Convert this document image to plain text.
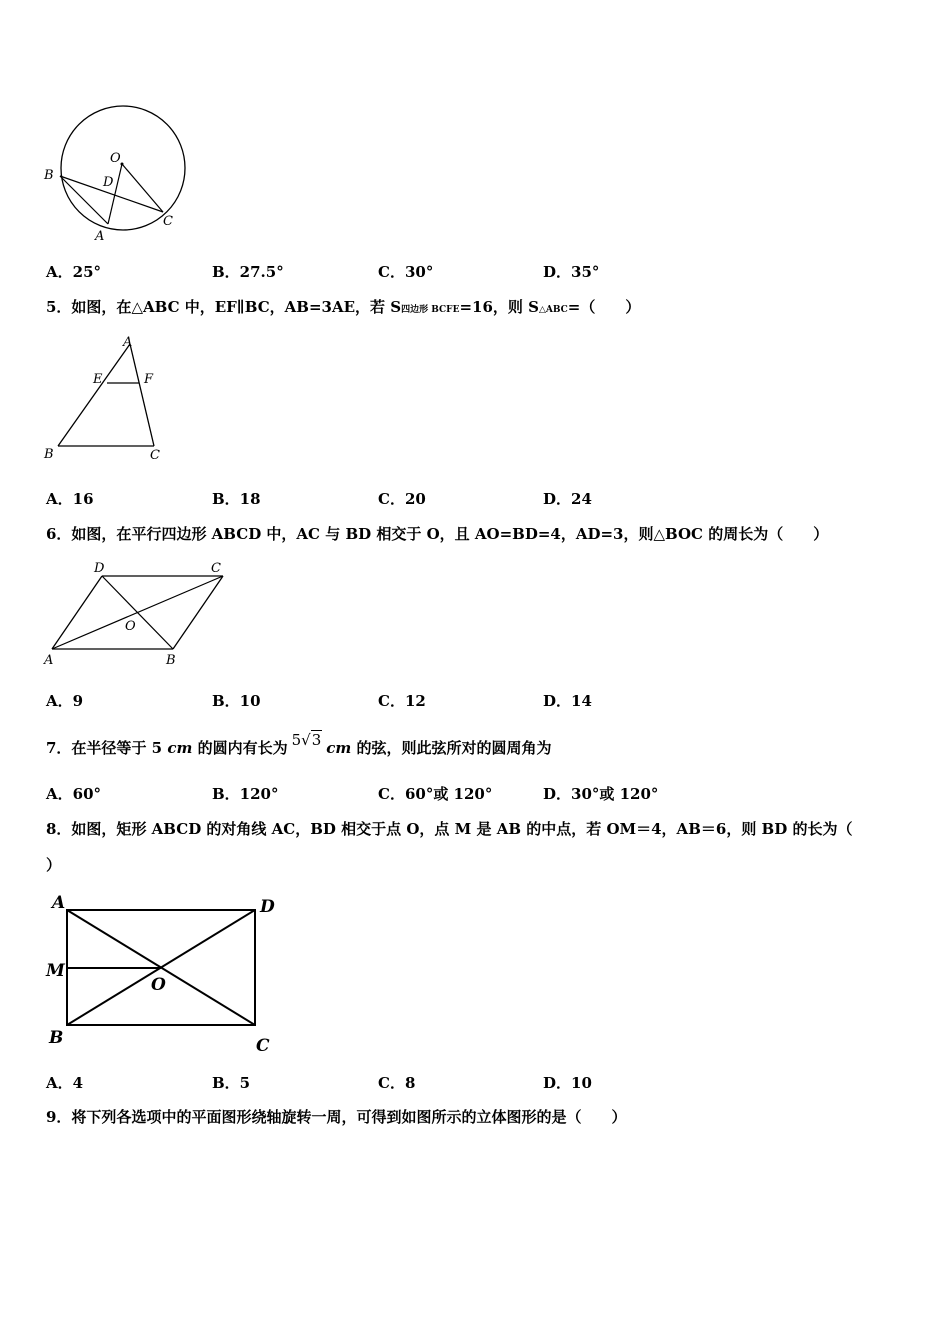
B
O
D
A
C
A．25°	B．27.5°	C．30°	D．35°
5．如图，在△ABC 中，EF∥BC，AB=3AE，若 S四边形 BCFE=16，则 S△ABC=（　　）
A
E	F
B	C
A．16	B．18	C．20	D．24
6．如图，在平行四边形 ABCD 中，AC 与 BD 相交于 O，且 AO=BD=4，AD=3，则△BOC 的周长为（　　）
D	C
O
A	B
A．9	B．10	C．12	D．14
7．在半径等于 5 cm 的圆内有长为 5√3 cm 的弦，则此弦所对的圆周角为
A．60°	B．120°	C．60°或 120°	D．30°或 120°
8．如图，矩形 ABCD 的对角线 AC，BD 相交于点 O，点 M 是 AB 的中点，若 OM＝4，AB＝6，则 BD 的长为（
）
A	D
M
O
B	C
A．4	B．5	C．8	D．10
9．将下列各选项中的平面图形绕轴旋转一周，可得到如图所示的立体图形的是（　　）
